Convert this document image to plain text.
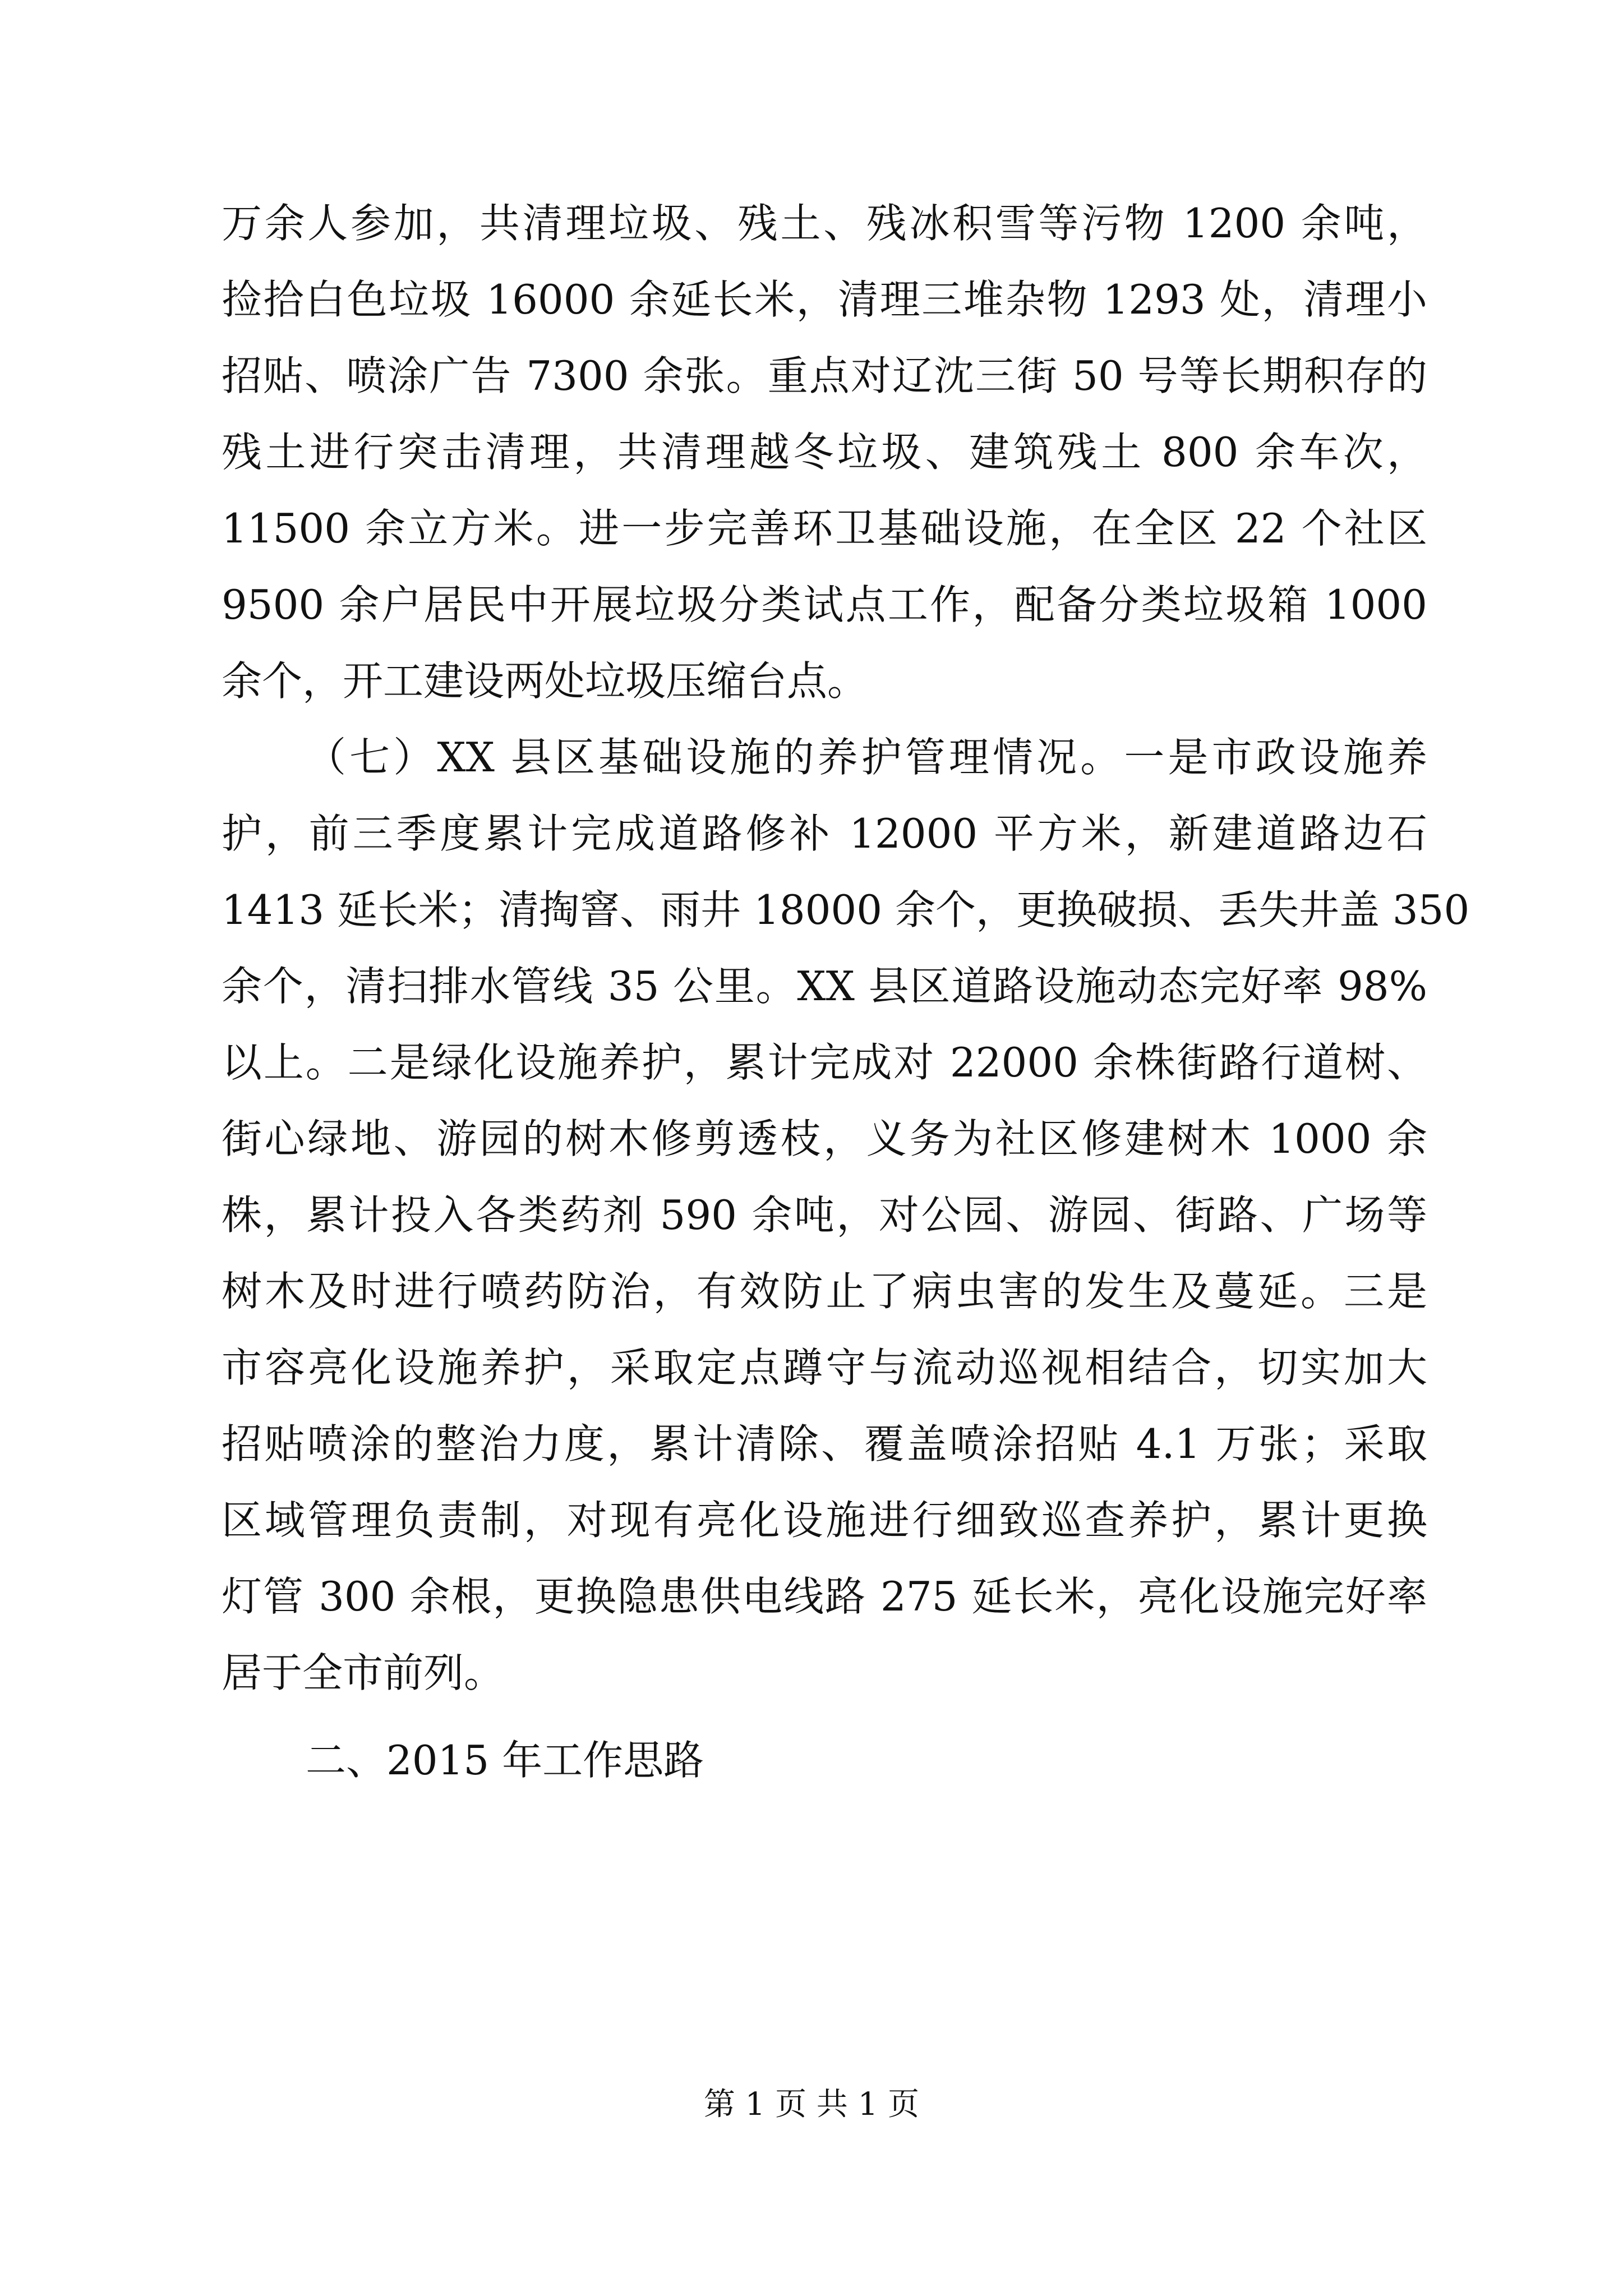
万余人参加，共清理垃圾、残土、残冰积雪等污物 1200 余吨，
捡拾白色垃圾 16000 余延长米，清理三堆杂物 1293 处，清理小
招贴、喷涂广告 7300 余张。重点对辽沈三街 50 号等长期积存的
残土进行突击清理，共清理越冬垃圾、建筑残土 800 余车次，
11500 余立方米。进一步完善环卫基础设施，在全区 22 个社区
9500 余户居民中开展垃圾分类试点工作，配备分类垃圾箱 1000
余个，开工建设两处垃圾压缩台点。
（七）XX 县区基础设施的养护管理情况。一是市政设施养
护，前三季度累计完成道路修补 12000 平方米，新建道路边石
1413 延长米；清掏窨、雨井 18000 余个，更换破损、丢失井盖 350
余个，清扫排水管线 35 公里。XX 县区道路设施动态完好率 98%
以上。二是绿化设施养护，累计完成对 22000 余株街路行道树、
街心绿地、游园的树木修剪透枝，义务为社区修建树木 1000 余
株，累计投入各类药剂 590 余吨，对公园、游园、街路、广场等
树木及时进行喷药防治，有效防止了病虫害的发生及蔓延。三是
市容亮化设施养护，采取定点蹲守与流动巡视相结合，切实加大
招贴喷涂的整治力度，累计清除、覆盖喷涂招贴 4.1 万张；采取
区域管理负责制，对现有亮化设施进行细致巡查养护，累计更换
灯管 300 余根，更换隐患供电线路 275 延长米，亮化设施完好率
居于全市前列。
二、2015 年工作思路
第 1 页 共 1 页
